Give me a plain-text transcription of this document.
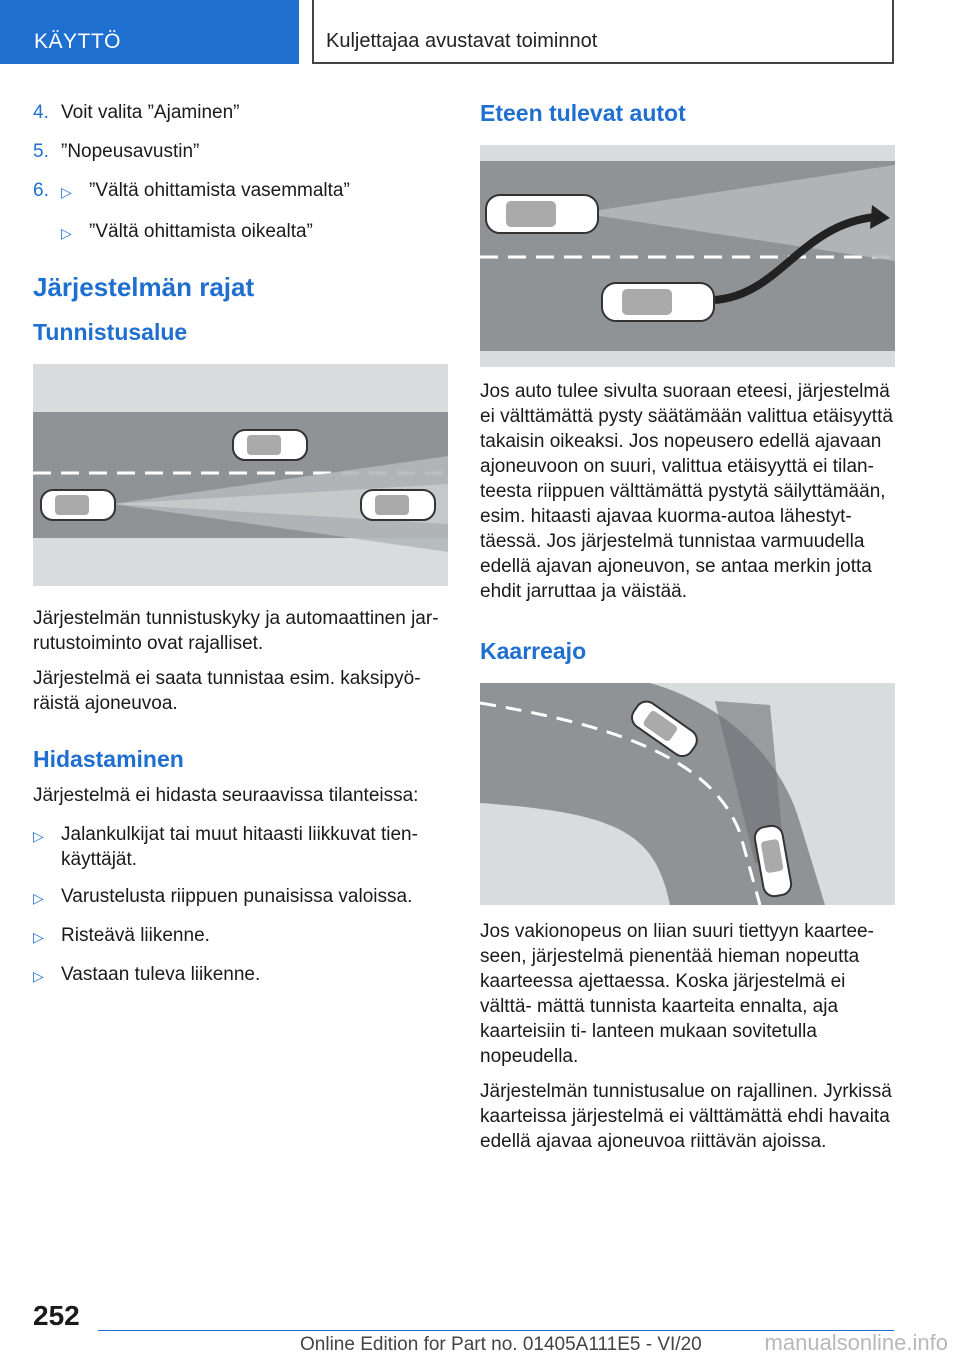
KÄYTTÖ	Kuljettajaa avustavat toiminnot
4. Voit valita ”Ajaminen”
5. ”Nopeusavustin”
6. ▷ ”Vältä ohittamista vasemmalta”
▷ ”Vältä ohittamista oikealta”
Järjestelmän rajat
Tunnistusalue

Järjestelmän tunnistuskyky ja automaattinen jar- rutustoiminto ovat rajalliset.

Järjestelmä ei saata tunnistaa esim. kaksipyö- räistä ajoneuvoa.

Hidastaminen

Järjestelmä ei hidasta seuraavissa tilanteissa:

▷ Jalankulkijat tai muut hitaasti liikkuvat tien- käyttäjät.
▷ Varustelusta riippuen punaisissa valoissa.
▷ Risteävä liikenne.
▷ Vastaan tuleva liikenne.
Eteen tulevat autot

Jos auto tulee sivulta suoraan eteesi, järjestelmä ei välttämättä pysty säätämään valittua etäisyyttä takaisin oikeaksi. Jos nopeusero edellä ajavaan ajoneuvoon on suuri, valittua etäisyyttä ei tilan- teesta riippuen välttämättä pystytä säilyttämään, esim. hitaasti ajavaa kuorma-autoa lähestyt- täessä. Jos järjestelmä tunnistaa varmuudella edellä ajavan ajoneuvon, se antaa merkin jotta ehdit jarruttaa ja väistää.

Kaarreajo

Jos vakionopeus on liian suuri tiettyyn kaartee- seen, järjestelmä pienentää hieman nopeutta kaarteessa ajettaessa. Koska järjestelmä ei välttä- mättä tunnista kaarteita ennalta, aja kaarteisiin ti- lanteen mukaan sovitetulla nopeudella.

Järjestelmän tunnistusalue on rajallinen. Jyrkissä kaarteissa järjestelmä ei välttämättä ehdi havaita edellä ajavaa ajoneuvoa riittävän ajoissa.

252
Online Edition for Part no. 01405A111E5 - VI/20	manualsonline.info
